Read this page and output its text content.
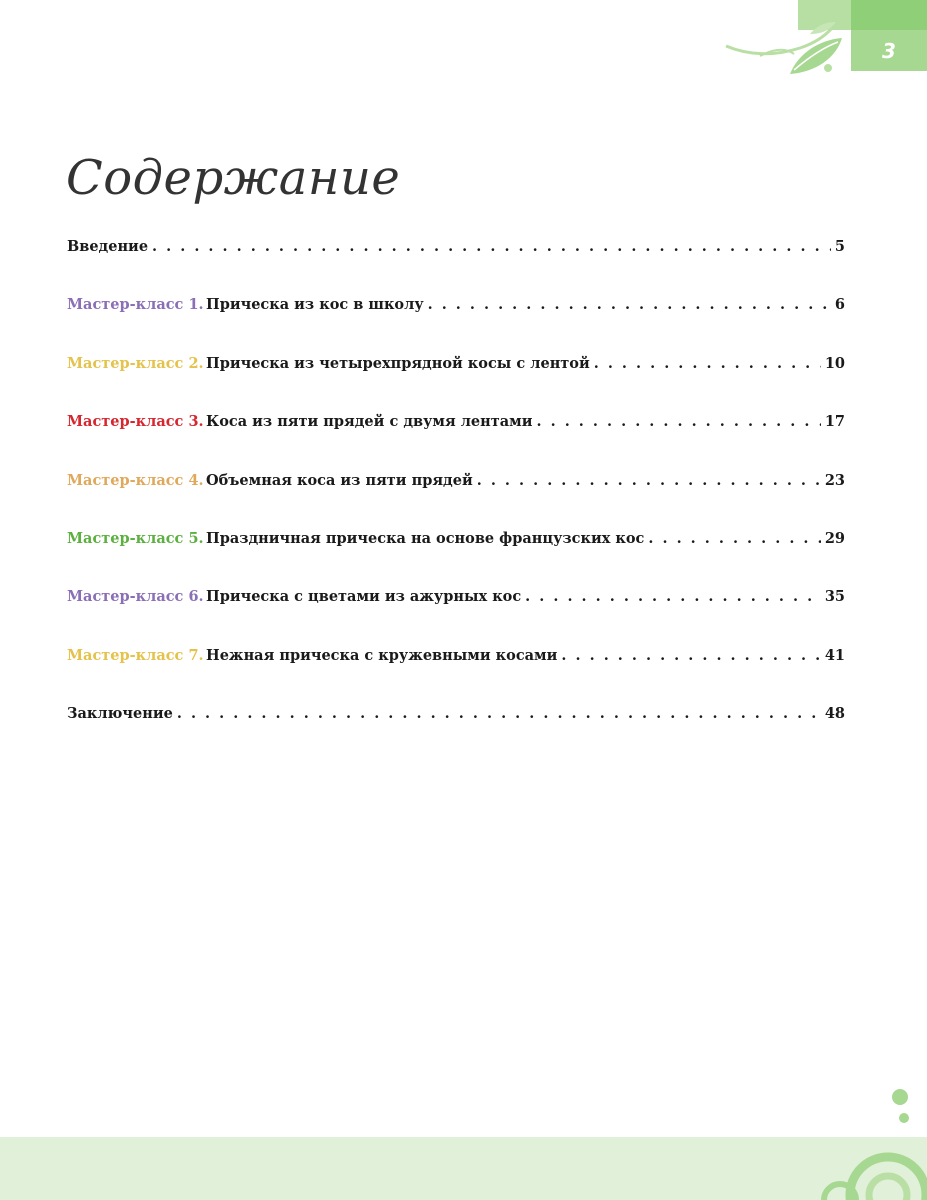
3
Содержание
Введение . . .	5
Мастер-класс 1. Прическа из кос в школу . . .	6
Мастер-класс 2. Прическа из четырехпрядной косы с лентой . . .	10
Мастер-класс 3. Коса из пяти прядей с двумя лентами . . .	17
Мастер-класс 4. Объемная коса из пяти прядей . . .	23
Мастер-класс 5. Праздничная прическа на основе французских кос . . .	29
Мастер-класс 6. Прическа с цветами из ажурных кос . . .	35
Мастер-класс 7. Нежная прическа с кружевными косами . . .	41
Заключение . . .	48
